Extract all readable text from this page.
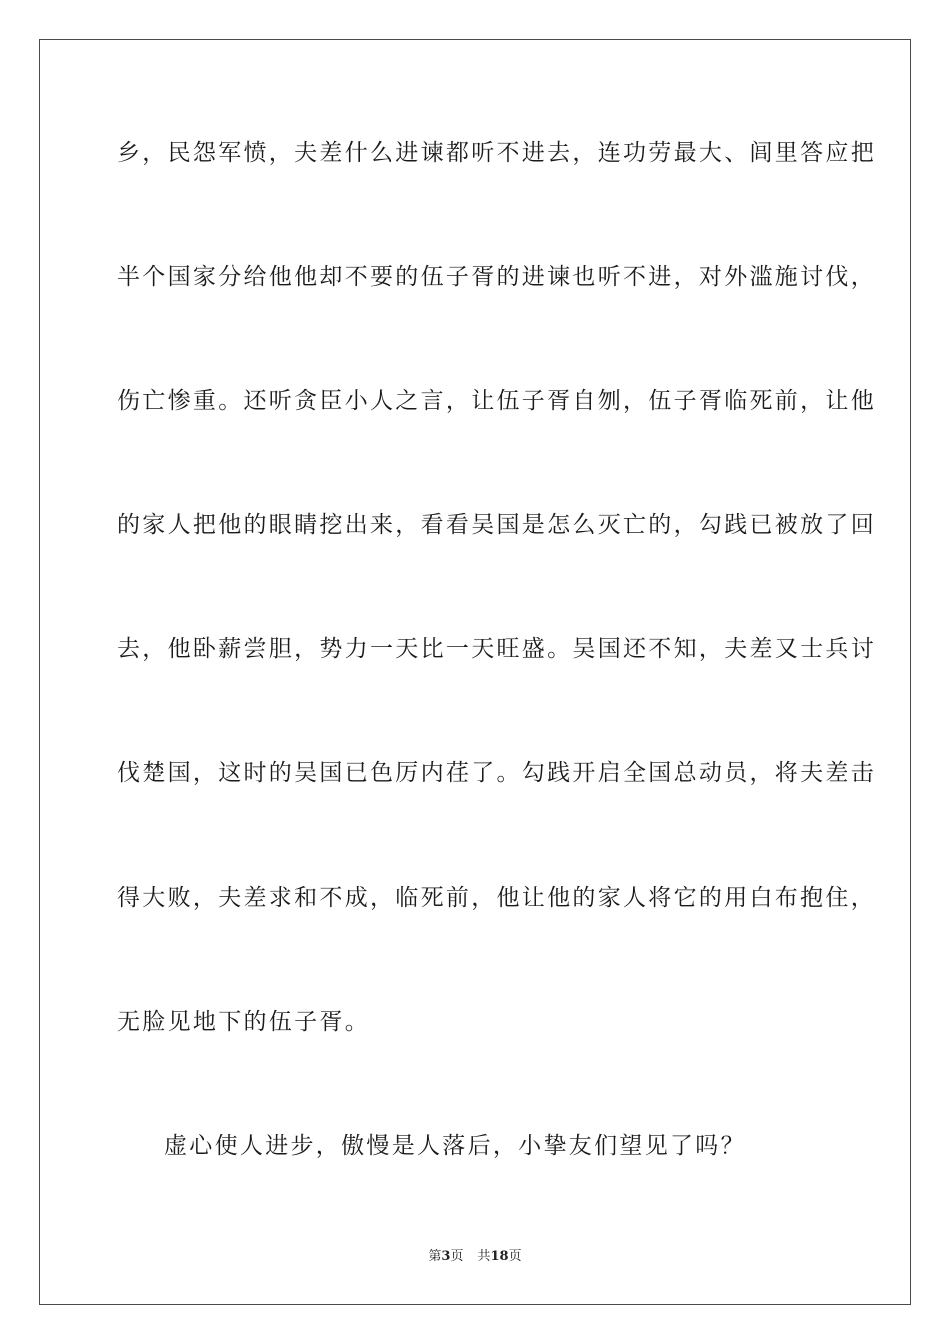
乡，民怨军愤，夫差什么进谏都听不进去，连功劳最大、闾里答应把
半个国家分给他他却不要的伍子胥的进谏也听不进，对外滥施讨伐，
伤亡惨重。还听贪臣小人之言，让伍子胥自刎，伍子胥临死前，让他
的家人把他的眼睛挖出来，看看吴国是怎么灭亡的，勾践已被放了回
去，他卧薪尝胆，势力一天比一天旺盛。吴国还不知，夫差又士兵讨
伐楚国，这时的吴国已色厉内荏了。勾践开启全国总动员，将夫差击
得大败，夫差求和不成，临死前，他让他的家人将它的用白布抱住，
无脸见地下的伍子胥。
虚心使人进步，傲慢是人落后，小挚友们望见了吗？
第3页 共18页
